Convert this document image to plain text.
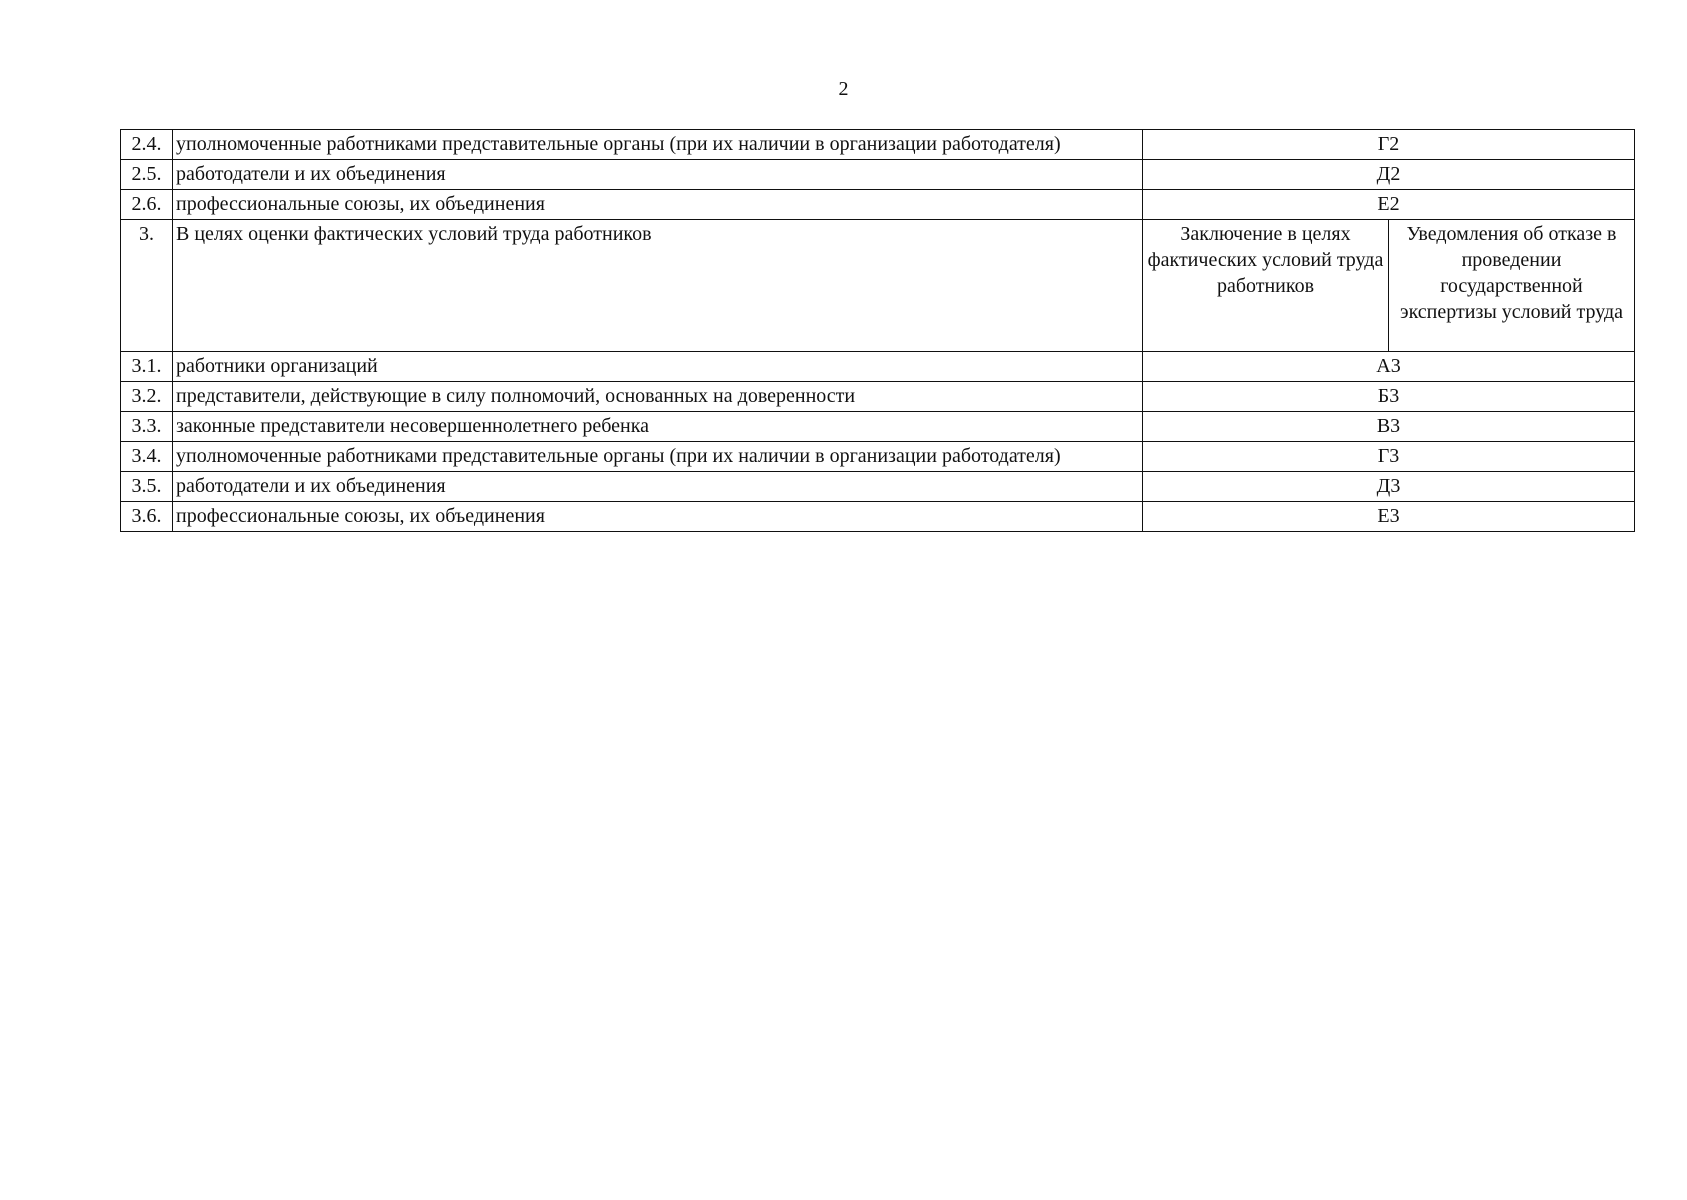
2
2.4.	уполномоченные работниками представительные органы (при их наличии в организации работодателя)	Г2	
2.5.	работодатели и их объединения	Д2	
2.6.	профессиональные союзы, их объединения	Е2	
3.	В целях оценки фактических условий труда работников	Заключение в целях фактических условий труда работников	Уведомления об отказе в проведении государственной экспертизы условий труда
3.1.	работники организаций	А3	
3.2.	представители, действующие в силу полномочий, основанных на доверенности	Б3	
3.3.	законные представители несовершеннолетнего ребенка	В3	
3.4.	уполномоченные работниками представительные органы (при их наличии в организации работодателя)	Г3	
3.5.	работодатели и их объединения	Д3	
3.6.	профессиональные союзы, их объединения	Е3	
